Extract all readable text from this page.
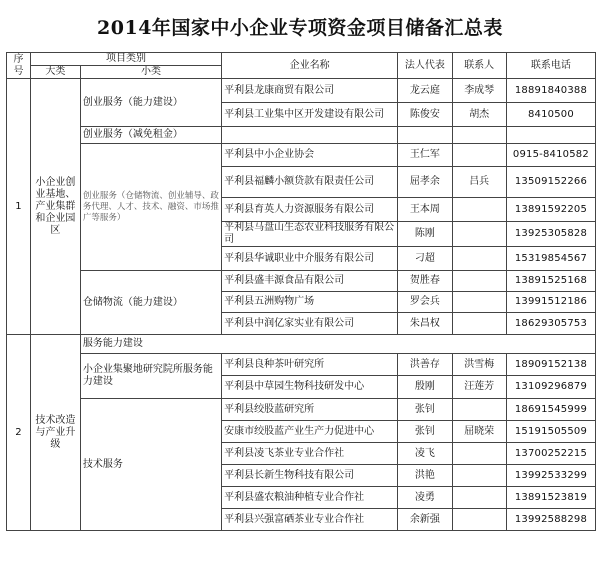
2014年国家中小企业专项资金项目储备汇总表
序号	项目类别		企业名称	法人代表	联系人	联系电话
	大类	小类				
1	小企业创业基地、产业集群和企业园区	创业服务（能力建设）	平利县龙康商贸有限公司	龙云庭	李成琴	18891840388
			平利县工业集中区开发建设有限公司	陈俊安	胡杰	8410500
		创业服务（减免租金）				
		创业服务（仓储物流、创业辅导、政务代理、人才、技术、融资、市场推广等服务）	平利县中小企业协会	王仁军		0915-8410582
			平利县福麟小额贷款有限责任公司	屈孝余	吕兵	13509152266
			平利县育英人力资源服务有限公司	王本周		13891592205
			平利县马盘山生态农业科技服务有限公司	陈刚		13925305828
			平利县华诚职业中介服务有限公司	刁超		15319854567
		仓储物流（能力建设）	平利县盛丰源食品有限公司	贺胜春		13891525168
			平利县五洲购物广场	罗会兵		13991512186
			平利县中润亿家实业有限公司	朱昌权		18629305753
2	技术改造与产业升级	服务能力建设				
		小企业集聚地研究院所服务能力建设	平利县良种茶叶研究所	洪善存	洪雪梅	18909152138
			平利县中草园生物科技研发中心	殷刚	汪莲芳	13109296879
		技术服务	平利县绞股蓝研究所	张钊		18691545999
			安康市绞股蓝产业生产力促进中心	张钊	屈晓荣	15191505509
			平利县凌飞茶业专业合作社	凌飞		13700252215
			平利县长新生物科技有限公司	洪艳		13992533299
			平利县盛农粮油种植专业合作社	凌勇		13891523819
			平利县兴强富硒茶业专业合作社	余新强		13992588298
